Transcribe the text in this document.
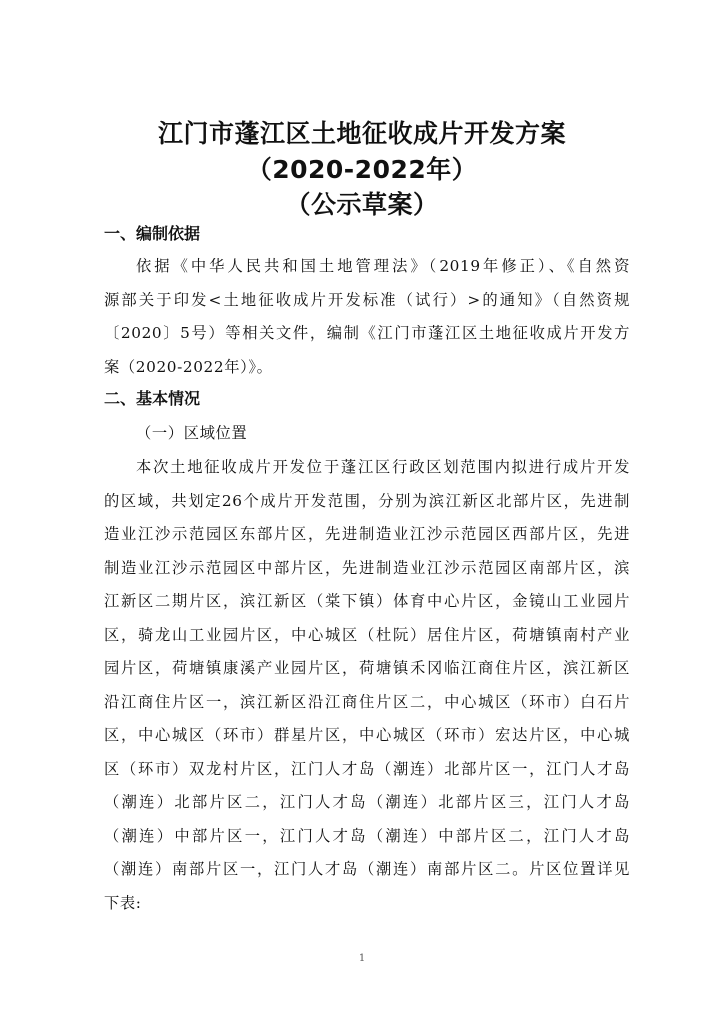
江门市蓬江区土地征收成片开发方案
（2020-2022年）
（公示草案）
一、编制依据
依据《中华人民共和国土地管理法》（2019年修正）、《自然资
源部关于印发<土地征收成片开发标准（试行）>的通知》（自然资规
〔2020〕5号）等相关文件，编制《江门市蓬江区土地征收成片开发方
案（2020-2022年）》。
二、基本情况
（一）区域位置
本次土地征收成片开发位于蓬江区行政区划范围内拟进行成片开发
的区域，共划定26个成片开发范围，分别为滨江新区北部片区，先进制
造业江沙示范园区东部片区，先进制造业江沙示范园区西部片区，先进
制造业江沙示范园区中部片区，先进制造业江沙示范园区南部片区，滨
江新区二期片区，滨江新区（棠下镇）体育中心片区，金镜山工业园片
区，骑龙山工业园片区，中心城区（杜阮）居住片区，荷塘镇南村产业
园片区，荷塘镇康溪产业园片区，荷塘镇禾冈临江商住片区，滨江新区
沿江商住片区一，滨江新区沿江商住片区二，中心城区（环市）白石片
区，中心城区（环市）群星片区，中心城区（环市）宏达片区，中心城
区（环市）双龙村片区，江门人才岛（潮连）北部片区一，江门人才岛
（潮连）北部片区二，江门人才岛（潮连）北部片区三，江门人才岛
（潮连）中部片区一，江门人才岛（潮连）中部片区二，江门人才岛
（潮连）南部片区一，江门人才岛（潮连）南部片区二。片区位置详见
下表:
1
